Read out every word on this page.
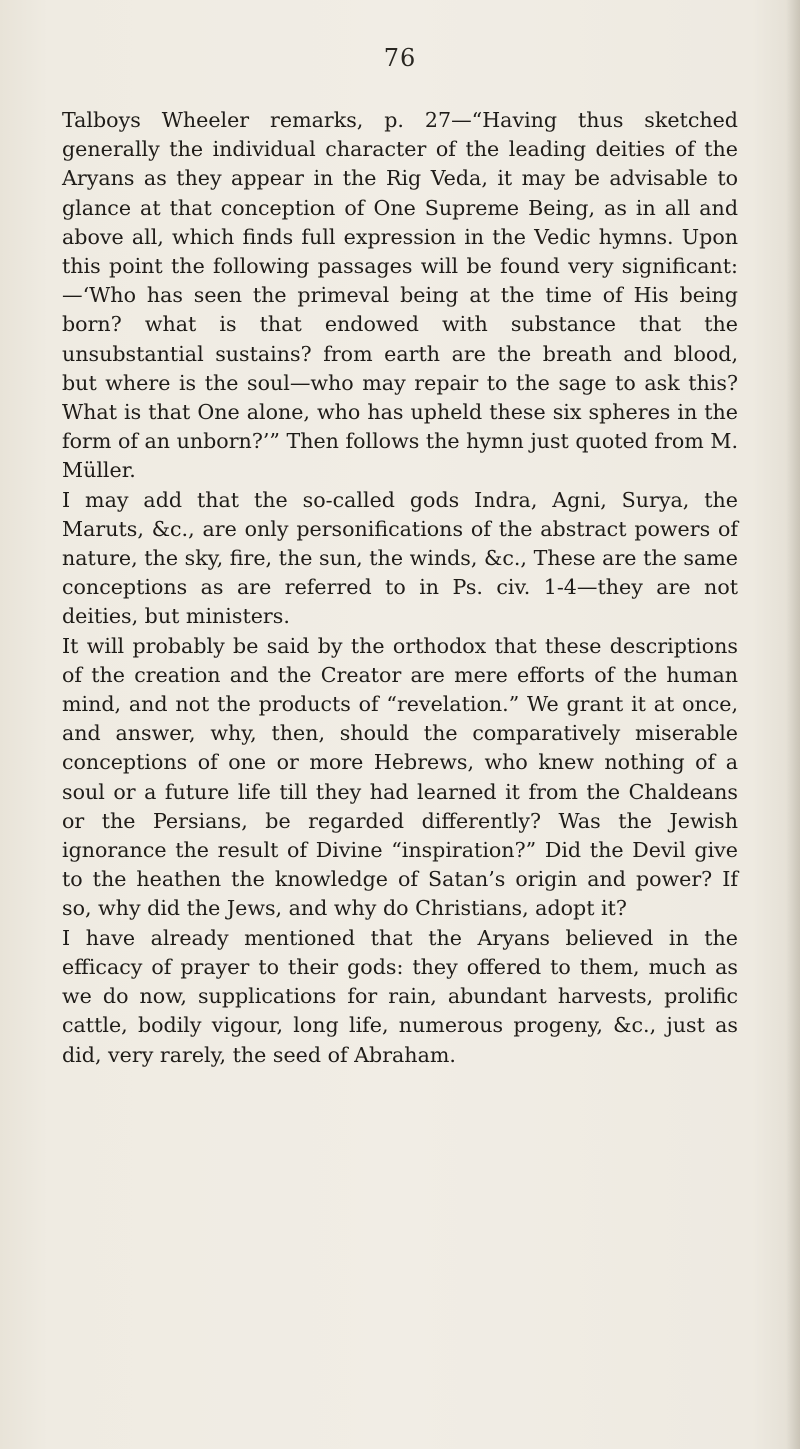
76

Talboys Wheeler remarks, p. 27—“Having thus sketched generally the individual character of the leading deities of the Aryans as they appear in the Rig Veda, it may be advisable to glance at that conception of One Supreme Being, as in all and above all, which finds full expression in the Vedic hymns. Upon this point the following passages will be found very significant:—‘Who has seen the primeval being at the time of His being born? what is that endowed with substance that the unsubstantial sustains? from earth are the breath and blood, but where is the soul—who may repair to the sage to ask this? What is that One alone, who has upheld these six spheres in the form of an unborn?’” Then follows the hymn just quoted from M. Müller.

I may add that the so-called gods Indra, Agni, Surya, the Maruts, &c., are only personifications of the abstract powers of nature, the sky, fire, the sun, the winds, &c., These are the same conceptions as are referred to in Ps. civ. 1-4—they are not deities, but ministers.

It will probably be said by the orthodox that these descriptions of the creation and the Creator are mere efforts of the human mind, and not the products of “revelation.” We grant it at once, and answer, why, then, should the comparatively miserable conceptions of one or more Hebrews, who knew nothing of a soul or a future life till they had learned it from the Chaldeans or the Persians, be regarded differently? Was the Jewish ignorance the result of Divine “inspiration?” Did the Devil give to the heathen the knowledge of Satan’s origin and power? If so, why did the Jews, and why do Christians, adopt it?

I have already mentioned that the Aryans believed in the efficacy of prayer to their gods: they offered to them, much as we do now, supplications for rain, abundant harvests, prolific cattle, bodily vigour, long life, numerous progeny, &c., just as did, very rarely, the seed of Abraham.
